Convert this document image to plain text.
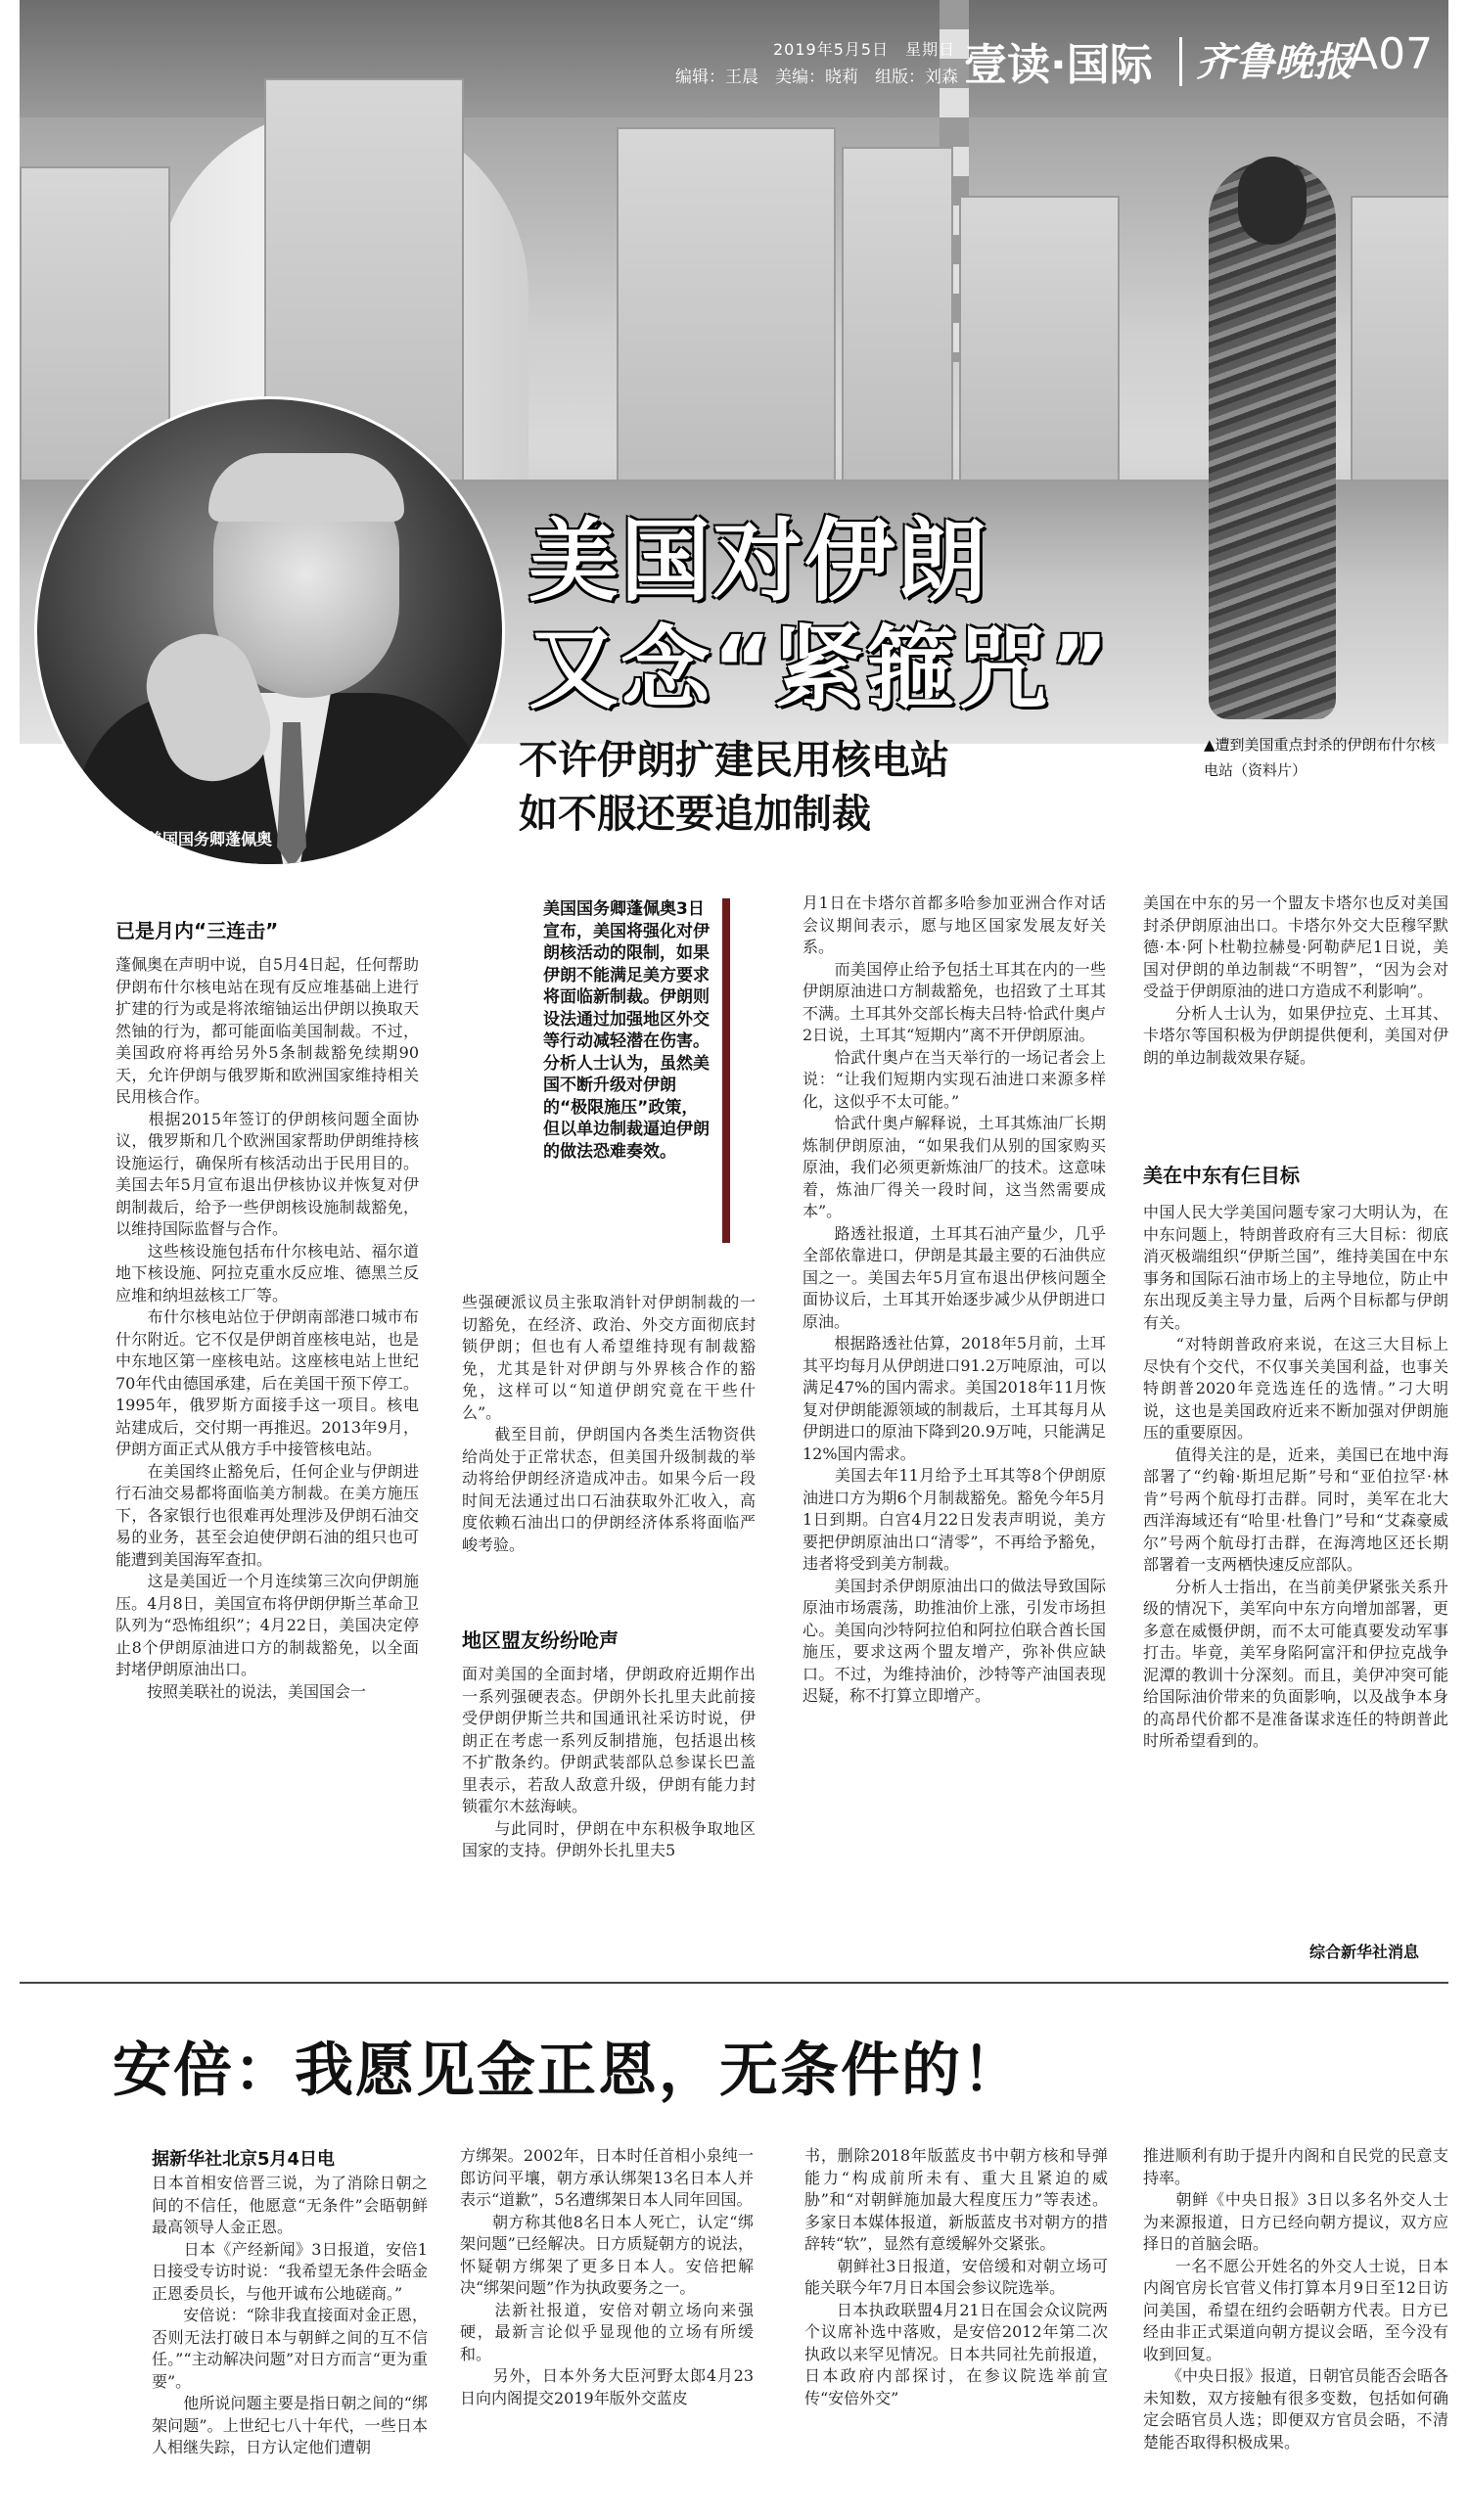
2019年5月5日　星期日
编辑：王晨　美编：晓莉　组版：刘森 壹读·国际 齐鲁晚报
A07
美国国务卿蓬佩奥
美国对伊朗
又念“紧箍咒”
不许伊朗扩建民用核电站
如不服还要追加制裁
▲遭到美国重点封杀的伊朗布什尔核电站（资料片）
已是月内“三连击”
蓬佩奥在声明中说，自5月4日起，任何帮助伊朗布什尔核电站在现有反应堆基础上进行扩建的行为或是将浓缩铀运出伊朗以换取天然铀的行为，都可能面临美国制裁。不过，美国政府将再给另外5条制裁豁免续期90天，允许伊朗与俄罗斯和欧洲国家维持相关民用核合作。
　　根据2015年签订的伊朗核问题全面协议，俄罗斯和几个欧洲国家帮助伊朗维持核设施运行，确保所有核活动出于民用目的。美国去年5月宣布退出伊核协议并恢复对伊朗制裁后，给予一些伊朗核设施制裁豁免，以维持国际监督与合作。
　　这些核设施包括布什尔核电站、福尔道地下核设施、阿拉克重水反应堆、德黑兰反应堆和纳坦兹核工厂等。
　　布什尔核电站位于伊朗南部港口城市布什尔附近。它不仅是伊朗首座核电站，也是中东地区第一座核电站。这座核电站上世纪70年代由德国承建，后在美国干预下停工。1995年，俄罗斯方面接手这一项目。核电站建成后，交付期一再推迟。2013年9月，伊朗方面正式从俄方手中接管核电站。
　　在美国终止豁免后，任何企业与伊朗进行石油交易都将面临美方制裁。在美方施压下，各家银行也很难再处理涉及伊朗石油交易的业务，甚至会迫使伊朗石油的组只也可能遭到美国海军查扣。
　　这是美国近一个月连续第三次向伊朗施压。4月8日，美国宣布将伊朗伊斯兰革命卫队列为“恐怖组织”；4月22日，美国决定停止8个伊朗原油进口方的制裁豁免，以全面封堵伊朗原油出口。
　　按照美联社的说法，美国国会一
美国国务卿蓬佩奥3日宣布，美国将强化对伊朗核活动的限制，如果伊朗不能满足美方要求将面临新制裁。伊朗则设法通过加强地区外交等行动减轻潜在伤害。分析人士认为，虽然美国不断升级对伊朗的“极限施压”政策，但以单边制裁逼迫伊朗的做法恐难奏效。
些强硬派议员主张取消针对伊朗制裁的一切豁免，在经济、政治、外交方面彻底封锁伊朗；但也有人希望维持现有制裁豁免，尤其是针对伊朗与外界核合作的豁免，这样可以“知道伊朗究竟在干些什么”。
　　截至目前，伊朗国内各类生活物资供给尚处于正常状态，但美国升级制裁的举动将给伊朗经济造成冲击。如果今后一段时间无法通过出口石油获取外汇收入，高度依赖石油出口的伊朗经济体系将面临严峻考验。
地区盟友纷纷呛声
面对美国的全面封堵，伊朗政府近期作出一系列强硬表态。伊朗外长扎里夫此前接受伊朗伊斯兰共和国通讯社采访时说，伊朗正在考虑一系列反制措施，包括退出核不扩散条约。伊朗武装部队总参谋长巴盖里表示，若敌人敌意升级，伊朗有能力封锁霍尔木兹海峡。
　　与此同时，伊朗在中东积极争取地区国家的支持。伊朗外长扎里夫5
月1日在卡塔尔首都多哈参加亚洲合作对话会议期间表示，愿与地区国家发展友好关系。
　　而美国停止给予包括土耳其在内的一些伊朗原油进口方制裁豁免，也招致了土耳其不满。土耳其外交部长梅夫吕特·恰武什奥卢2日说，土耳其“短期内”离不开伊朗原油。
　　恰武什奥卢在当天举行的一场记者会上说：“让我们短期内实现石油进口来源多样化，这似乎不太可能。”
　　恰武什奥卢解释说，土耳其炼油厂长期炼制伊朗原油，“如果我们从别的国家购买原油，我们必须更新炼油厂的技术。这意味着，炼油厂得关一段时间，这当然需要成本”。
　　路透社报道，土耳其石油产量少，几乎全部依靠进口，伊朗是其最主要的石油供应国之一。美国去年5月宣布退出伊核问题全面协议后，土耳其开始逐步减少从伊朗进口原油。
　　根据路透社估算，2018年5月前，土耳其平均每月从伊朗进口91.2万吨原油，可以满足47%的国内需求。美国2018年11月恢复对伊朗能源领域的制裁后，土耳其每月从伊朗进口的原油下降到20.9万吨，只能满足12%国内需求。
　　美国去年11月给予土耳其等8个伊朗原油进口方为期6个月制裁豁免。豁免今年5月1日到期。白宫4月22日发表声明说，美方要把伊朗原油出口“清零”，不再给予豁免，违者将受到美方制裁。
　　美国封杀伊朗原油出口的做法导致国际原油市场震荡，助推油价上涨，引发市场担心。美国向沙特阿拉伯和阿拉伯联合酋长国施压，要求这两个盟友增产，弥补供应缺口。不过，为维持油价，沙特等产油国表现迟疑，称不打算立即增产。
美国在中东的另一个盟友卡塔尔也反对美国封杀伊朗原油出口。卡塔尔外交大臣穆罕默德·本·阿卜杜勒拉赫曼·阿勒萨尼1日说，美国对伊朗的单边制裁“不明智”，“因为会对受益于伊朗原油的进口方造成不利影响”。
　　分析人士认为，如果伊拉克、土耳其、卡塔尔等国积极为伊朗提供便利，美国对伊朗的单边制裁效果存疑。
美在中东有仨目标
中国人民大学美国问题专家刁大明认为，在中东问题上，特朗普政府有三大目标：彻底消灭极端组织“伊斯兰国”，维持美国在中东事务和国际石油市场上的主导地位，防止中东出现反美主导力量，后两个目标都与伊朗有关。
　　“对特朗普政府来说，在这三大目标上尽快有个交代，不仅事关美国利益，也事关特朗普2020年竞选连任的选情。”刁大明说，这也是美国政府近来不断加强对伊朗施压的重要原因。
　　值得关注的是，近来，美国已在地中海部署了“约翰·斯坦尼斯”号和“亚伯拉罕·林肯”号两个航母打击群。同时，美军在北大西洋海域还有“哈里·杜鲁门”号和“艾森豪威尔”号两个航母打击群，在海湾地区还长期部署着一支两栖快速反应部队。
　　分析人士指出，在当前美伊紧张关系升级的情况下，美军向中东方向增加部署，更多意在威慑伊朗，而不太可能真要发动军事打击。毕竟，美军身陷阿富汗和伊拉克战争泥潭的教训十分深刻。而且，美伊冲突可能给国际油价带来的负面影响，以及战争本身的高昂代价都不是准备谋求连任的特朗普此时所希望看到的。
综合新华社消息
安倍：我愿见金正恩，无条件的！
据新华社北京5月4日电
日本首相安倍晋三说，为了消除日朝之间的不信任，他愿意“无条件”会晤朝鲜最高领导人金正恩。
　　日本《产经新闻》3日报道，安倍1日接受专访时说：“我希望无条件会晤金正恩委员长，与他开诚布公地磋商。”
　　安倍说：“除非我直接面对金正恩，否则无法打破日本与朝鲜之间的互不信任。”“主动解决问题”对日方而言“更为重要”。
　　他所说问题主要是指日朝之间的“绑架问题”。上世纪七八十年代，一些日本人相继失踪，日方认定他们遭朝
方绑架。2002年，日本时任首相小泉纯一郎访问平壤，朝方承认绑架13名日本人并表示“道歉”，5名遭绑架日本人同年回国。
　　朝方称其他8名日本人死亡，认定“绑架问题”已经解决。日方质疑朝方的说法，怀疑朝方绑架了更多日本人。安倍把解决“绑架问题”作为执政要务之一。
　　法新社报道，安倍对朝立场向来强硬，最新言论似乎显现他的立场有所缓和。
　　另外，日本外务大臣河野太郎4月23日向内阁提交2019年版外交蓝皮
书，删除2018年版蓝皮书中朝方核和导弹能力“构成前所未有、重大且紧迫的威胁”和“对朝鲜施加最大程度压力”等表述。多家日本媒体报道，新版蓝皮书对朝方的措辞转“软”，显然有意缓解外交紧张。
　　朝鲜社3日报道，安倍缓和对朝立场可能关联今年7月日本国会参议院选举。
　　日本执政联盟4月21日在国会众议院两个议席补选中落败，是安倍2012年第二次执政以来罕见情况。日本共同社先前报道，日本政府内部探讨，在参议院选举前宣传“安倍外交”
推进顺利有助于提升内阁和自民党的民意支持率。
　　朝鲜《中央日报》3日以多名外交人士为来源报道，日方已经向朝方提议，双方应择日的首脑会晤。
　　一名不愿公开姓名的外交人士说，日本内阁官房长官菅义伟打算本月9日至12日访问美国，希望在纽约会晤朝方代表。日方已经由非正式渠道向朝方提议会晤，至今没有收到回复。
　　《中央日报》报道，日朝官员能否会晤各未知数，双方接触有很多变数，包括如何确定会晤官员人选；即便双方官员会晤，不清楚能否取得积极成果。
